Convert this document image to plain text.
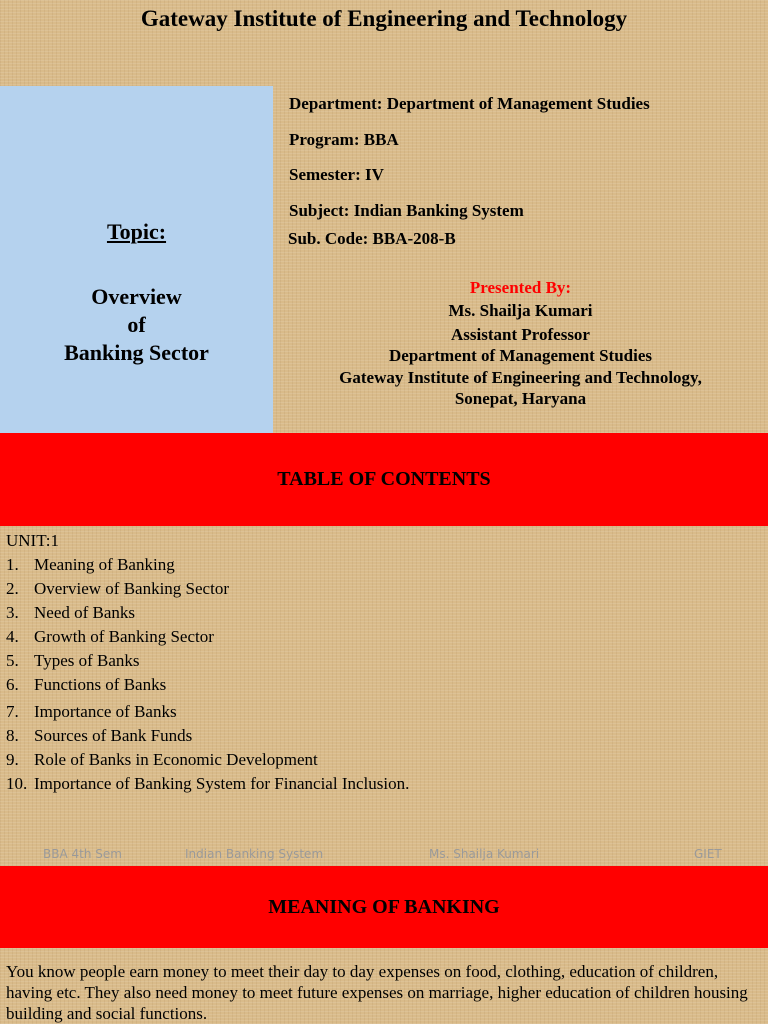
Gateway Institute of Engineering and Technology
Topic:
Overview
of
Banking Sector
Department: Department of Management Studies
Program: BBA
Semester: IV
Subject: Indian Banking System
Sub. Code: BBA-208-B
Presented By:
Ms. Shailja Kumari
Assistant Professor
Department of Management Studies
Gateway Institute of Engineering and Technology,
Sonepat, Haryana
TABLE OF CONTENTS
UNIT:1
1. Meaning of Banking
2. Overview of Banking Sector
3. Need of Banks
4. Growth of Banking Sector
5. Types of Banks
6. Functions of Banks
7. Importance of Banks
8. Sources of Bank Funds
9. Role of Banks in Economic Development
10. Importance of Banking System for Financial Inclusion.
BBA 4th Sem	Indian Banking System	Ms. Shailja Kumari	GIET
MEANING OF BANKING
You know people earn money to meet their day to day expenses on food, clothing, education of children, having etc. They also need money to meet future expenses on marriage, higher education of children housing building and social functions.
